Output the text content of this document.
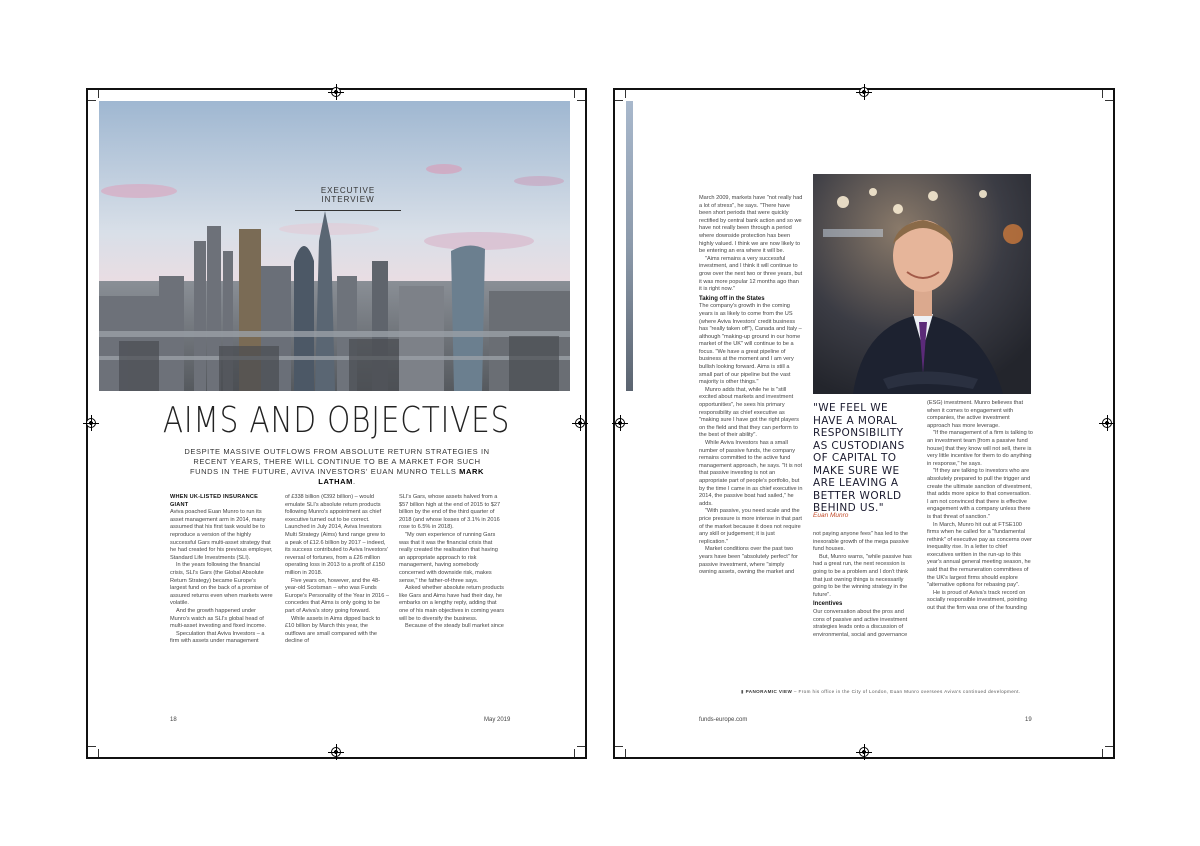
EXECUTIVE INTERVIEW
AIMS AND OBJECTIVES
DESPITE MASSIVE OUTFLOWS FROM ABSOLUTE RETURN STRATEGIES IN RECENT YEARS, THERE WILL CONTINUE TO BE A MARKET FOR SUCH FUNDS IN THE FUTURE, AVIVA INVESTORS' EUAN MUNRO TELLS MARK LATHAM.

WHEN UK-LISTED INSURANCE GIANT

Aviva poached Euan Munro to run its asset management arm in 2014, many assumed that his first task would be to reproduce a version of the highly successful Gars multi-asset strategy that he had created for his previous employer, Standard Life Investments (SLI).

In the years following the financial crisis, SLI's Gars (the Global Absolute Return Strategy) became Europe's largest fund on the back of a promise of assured returns even when markets were volatile.

And the growth happened under Munro's watch as SLI's global head of multi-asset investing and fixed income.

Speculation that Aviva Investors – a firm with assets under management

of £338 billion (€392 billion) – would emulate SLI's absolute return products following Munro's appointment as chief executive turned out to be correct. Launched in July 2014, Aviva Investors Multi Strategy (Aims) fund range grew to a peak of £12.6 billion by 2017 – indeed, its success contributed to Aviva Investors' reversal of fortunes, from a £26 million operating loss in 2013 to a profit of £150 million in 2018.

Five years on, however, and the 48-year-old Scotsman – who was Funds Europe's Personality of the Year in 2016 – concedes that Aims is only going to be part of Aviva's story going forward.

While assets in Aims dipped back to £10 billion by March this year, the outflows are small compared with the decline of

SLI's Gars, whose assets halved from a $57 billion high at the end of 2015 to $27 billion by the end of the third quarter of 2018 (and whose losses of 3.1% in 2016 rose to 6.5% in 2018).

"My own experience of running Gars was that it was the financial crisis that really created the realisation that having an appropriate approach to risk management, having somebody concerned with downside risk, makes sense," the father-of-three says.

Asked whether absolute return products like Gars and Aims have had their day, he embarks on a lengthy reply, adding that one of his main objectives in coming years will be to diversify the business.

Because of the steady bull market since

18	May 2019

March 2009, markets have "not really had a lot of stress", he says. "There have been short periods that were quickly rectified by central bank action and so we have not really been through a period where downside protection has been highly valued. I think we are now likely to be entering an era where it will be.

"Aims remains a very successful investment, and I think it will continue to grow over the next two or three years, but it was more popular 12 months ago than it is right now."

Taking off in the States

The company's growth in the coming years is as likely to come from the US (where Aviva Investors' credit business has "really taken off"), Canada and Italy – although "making-up ground in our home market of the UK" will continue to be a focus. "We have a great pipeline of business at the moment and I am very bullish looking forward. Aims is still a small part of our pipeline but the vast majority is other things."

Munro adds that, while he is "still excited about markets and investment opportunities", he sees his primary responsibility as chief executive as "making sure I have got the right players on the field and that they can perform to the best of their ability".

While Aviva Investors has a small number of passive funds, the company remains committed to the active fund management approach, he says. "It is not that passive investing is not an appropriate part of people's portfolio, but by the time I came in as chief executive in 2014, the passive boat had sailed," he adds.

"With passive, you need scale and the price pressure is more intense in that part of the market because it does not require any skill or judgement; it is just replication."

Market conditions over the past two years have been "absolutely perfect" for passive investment, where "simply owning assets, owning the market and

"WE FEEL WE HAVE A MORAL RESPONSIBILITY AS CUSTODIANS OF CAPITAL TO MAKE SURE WE ARE LEAVING A BETTER WORLD BEHIND US."
Euan Munro

not paying anyone fees" has led to the inexorable growth of the mega passive fund houses.

But, Munro warns, "while passive has had a great run, the next recession is going to be a problem and I don't think that just owning things is necessarily going to be the winning strategy in the future".

Incentives

Our conversation about the pros and cons of passive and active investment strategies leads onto a discussion of environmental, social and governance

(ESG) investment. Munro believes that when it comes to engagement with companies, the active investment approach has more leverage.

"If the management of a firm is talking to an investment team [from a passive fund house] that they know will not sell, there is very little incentive for them to do anything in response," he says.

"If they are talking to investors who are absolutely prepared to pull the trigger and create the ultimate sanction of divestment, that adds more spice to that conversation. I am not convinced that there is effective engagement with a company unless there is that threat of sanction."

In March, Munro hit out at FTSE100 firms when he called for a "fundamental rethink" of executive pay as concerns over inequality rise. In a letter to chief executives written in the run-up to this year's annual general meeting season, he said that the remuneration committees of the UK's largest firms should explore "alternative options for rebasing pay".

He is proud of Aviva's track record on socially responsible investment, pointing out that the firm was one of the founding

▮ PANORAMIC VIEW – From his office in the City of London, Euan Munro oversees Aviva's continued development.
funds-europe.com	19
